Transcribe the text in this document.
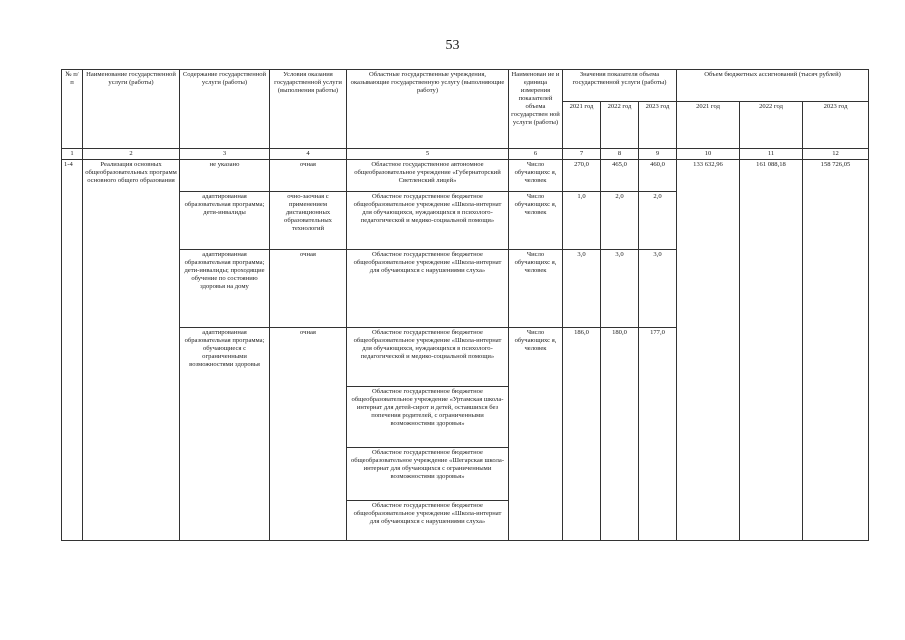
53
№ п/п	Наименование государственной услуги (работы)	Содержание государственной услуги (работы)	Условия оказания государственной услуги (выполнения работы)	Областные государственные учреждения, оказывающие государственную услугу (выполняющие работу)	Наименован ие и единица измерения показателей объема государствен ной услуги (работы)	Значения показателя объема государственной услуги (работы)			Объем бюджетных ассигнований (тысяч рублей)		
						2021 год	2022 год	2023 год	2021 год	2022 год	2023 год
1	2	3	4	5	6	7	8	9	10	11	12
1-4	Реализация основных общеобразовательных программ основного общего образования	не указано	очная	Областное государственное автономное общеобразовательное учреждение «Губернаторский Светленский лицей»	Число обучающихс я, человек	270,0	465,0	460,0	133 632,96	161 088,18	158 726,05
		адаптированная образовательная программа; дети-инвалиды	очно-заочная с применением дистанционных образовательных технологий	Областное государственное бюджетное общеобразовательное учреждение «Школа-интернат для обучающихся, нуждающихся в психолого-педагогической и медико-социальной помощи»	Число обучающихс я, человек	1,0	2,0	2,0			
		адаптированная образовательная программа; дети-инвалиды; проходящие обучение по состоянию здоровья на дому	очная	Областное государственное бюджетное общеобразовательное учреждение «Школа-интернат для обучающихся с нарушениями слуха»	Число обучающихс я, человек	3,0	3,0	3,0			
		адаптированная образовательная программа; обучающиеся с ограниченными возможностями здоровья	очная	Областное государственное бюджетное общеобразовательное учреждение «Школа-интернат для обучающихся, нуждающихся в психолого-педагогической и медико-социальной помощи»	Число обучающихс я, человек	186,0	180,0	177,0			
				Областное государственное бюджетное общеобразовательное учреждение «Уртамская школа-интернат для детей-сирот и детей, оставшихся без попечения родителей, с ограниченными возможностями здоровья»							
				Областное государственное бюджетное общеобразовательное учреждение «Шегарская школа-интернат для обучающихся с ограниченными возможностями здоровья»							
				Областное государственное бюджетное общеобразовательное учреждение «Школа-интернат для обучающихся с нарушениями слуха»							
